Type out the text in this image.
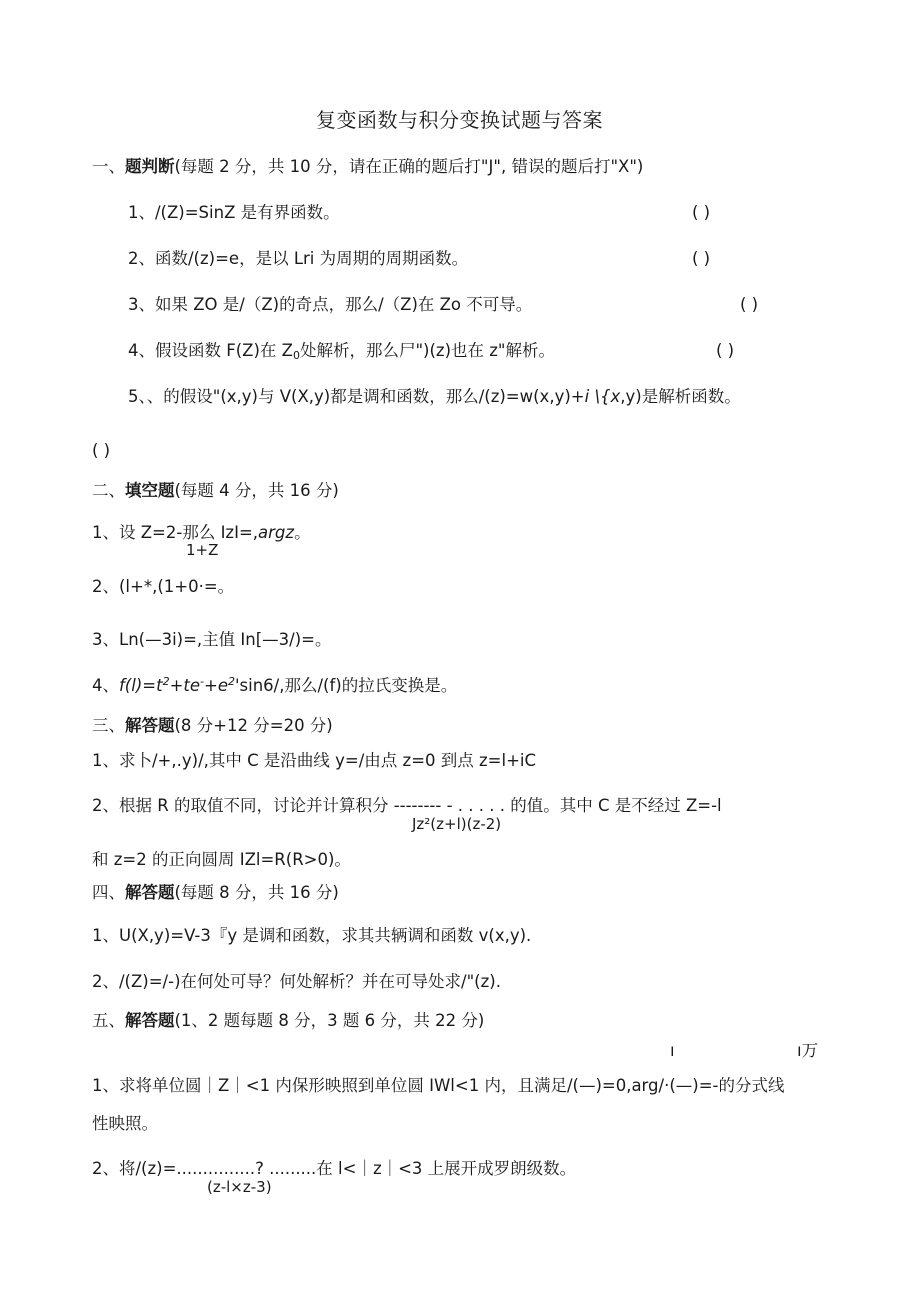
复变函数与积分变换试题与答案
一、题判断(每题 2 分，共 10 分，请在正确的题后打"J", 错误的题后打"X")
1、/(Z)=SinZ 是有界函数。	( )
2、函数/(z)=e，是以 Lri 为周期的周期函数。	( )
3、如果 ZO 是/（Z)的奇点，那么/（Z)在 Zo 不可导。	( )
4、假设函数 F(Z)在 Z0处解析，那么尸")(z)也在 z"解析。	( )
5、、的假设"(x,y)与 V(X,y)都是调和函数，那么/(z)=w(x,y)+i \{x,y)是解析函数。
( )
二、填空题(每题 4 分，共 16 分)
1、设 Z=2-那么 IzI=,argz。
1+Z
2、(l+*,(1+0·=。
3、Ln(—3i)=,主值 In[—3/)=。
4、$f(l)=t^2+te^-+e^2'\sin 6/$,那么/(f)的拉氏变换是。
三、解答题(8 分+12 分=20 分)
1、求卜/+,.y)/,其中 C 是沿曲线 y=/由点 z=0 到点 z=l+iC
2、根据 R 的取值不同，讨论并计算积分 -------- - . . . . . 的值。其中 C 是不经过 Z=-l
Jz²(z+l)(z-2)
和 z=2 的正向圆周 IZl=R(R>0)。
四、解答题(每题 8 分，共 16 分)
1、U(X,y)=V-3『y 是调和函数，求其共辆调和函数 v(x,y).
2、/(Z)=/-)在何处可导？何处解析？并在可导处求/"(z).
五、解答题(1、2 题每题 8 分，3 题 6 分，共 22 分)
ı	ı万
1、求将单位圆｜Z｜<1 内保形映照到单位圆 IWl<1 内，且满足/(—)=0,arg/·(—)=-的分式线
性映照。
2、将/(z)=...............? .........在 l<｜z｜<3 上展开成罗朗级数。
(z-l×z-3)
